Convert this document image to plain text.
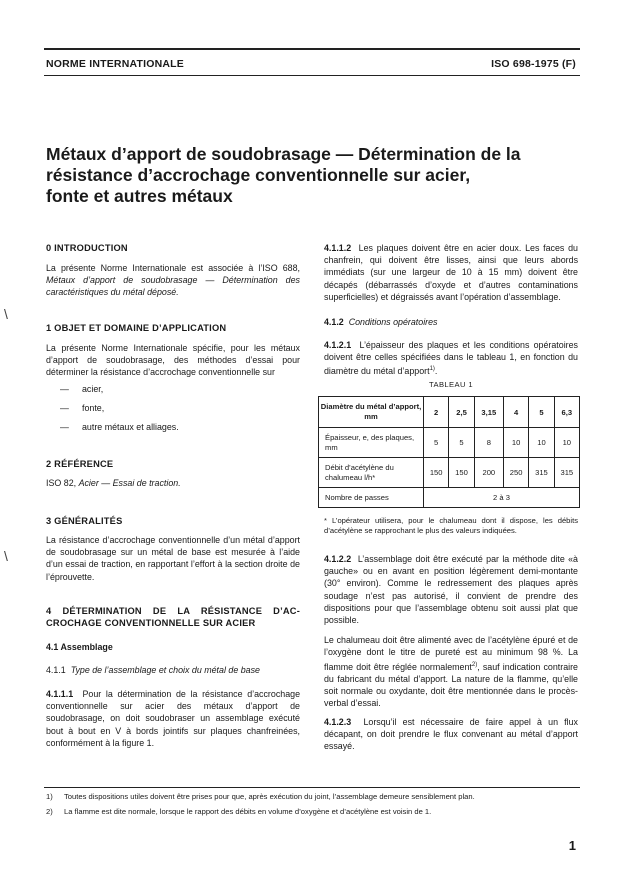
NORME INTERNATIONALE	ISO 698-1975 (F)
Métaux d’apport de soudobrasage — Détermination de la
résistance d’accrochage conventionnelle sur acier,
fonte et autres métaux
0 INTRODUCTION
La présente Norme Internationale est associée à l’ISO 688, Métaux d’apport de soudobrasage — Détermination des caractéristiques du métal déposé.
\
1 OBJET ET DOMAINE D’APPLICATION
La présente Norme Internationale spécifie, pour les métaux d’apport de soudobrasage, des méthodes d’essai pour déterminer la résistance d’accrochage conventionnelle sur
— acier,
— fonte,
— autre métaux et alliages.
2 RÉFÉRENCE
ISO 82, Acier — Essai de traction.
3 GÉNÉRALITÉS
\
La résistance d’accrochage conventionnelle d’un métal d’apport de soudobrasage sur un métal de base est mesurée à l’aide d’un essai de traction, en rapportant l’effort à la section droite de l’éprouvette.
4 DÉTERMINATION DE LA RÉSISTANCE D’AC-
CROCHAGE CONVENTIONNELLE SUR ACIER
4.1 Assemblage
4.1.1 Type de l’assemblage et choix du métal de base
4.1.1.1 Pour la détermination de la résistance d’accrochage conventionnelle sur acier des métaux d’apport de soudobrasage, on doit soudobraser un assemblage exécuté bout à bout en V à bords jointifs sur plaques chanfreinées, conformément à la figure 1.
4.1.1.2 Les plaques doivent être en acier doux. Les faces du chanfrein, qui doivent être lisses, ainsi que leurs abords immédiats (sur une largeur de 10 à 15 mm) doivent être décapés (débarrassés d’oxyde et d’autres contaminations superficielles) et dégraissés avant l’opération d’assemblage.
4.1.2 Conditions opératoires
4.1.2.1 L’épaisseur des plaques et les conditions opératoires doivent être celles spécifiées dans le tableau 1, en fonction du diamètre du métal d’apport$^{1)}$.
TABLEAU 1
Diamètre du métal d’apport, mm	2	2,5	3,15	4	5	6,3
Épaisseur, e, des plaques, mm	5	5	8	10	10	10
Débit d’acétylène du chalumeau l/h*	150	150	200	250	315	315
Nombre de passes	2 à 3					
* L’opérateur utilisera, pour le chalumeau dont il dispose, les débits d’acétylène se rapprochant le plus des valeurs indiquées.

4.1.2.2 L’assemblage doit être exécuté par la méthode dite «à gauche» ou en avant en position légèrement demi-montante (30° environ). Comme le redressement des plaques après soudage n’est pas autorisé, il convient de prendre des dispositions pour que l’assemblage obtenu soit aussi plat que possible.

Le chalumeau doit être alimenté avec de l’acétylène épuré et de l’oxygène dont le titre de pureté est au minimum 98 %. La flamme doit être réglée normalement$^{2)}$, sauf indication contraire du fabricant du métal d’apport. La nature de la flamme, qu’elle soit normale ou oxydante, doit être mentionnée dans le procès-verbal d’essai.

4.1.2.3 Lorsqu’il est nécessaire de faire appel à un flux décapant, on doit prendre le flux convenant au métal d’apport essayé.
1) Toutes dispositions utiles doivent être prises pour que, après exécution du joint, l’assemblage demeure sensiblement plan.
2) La flamme est dite normale, lorsque le rapport des débits en volume d’oxygène et d’acétylène est voisin de 1.
1
